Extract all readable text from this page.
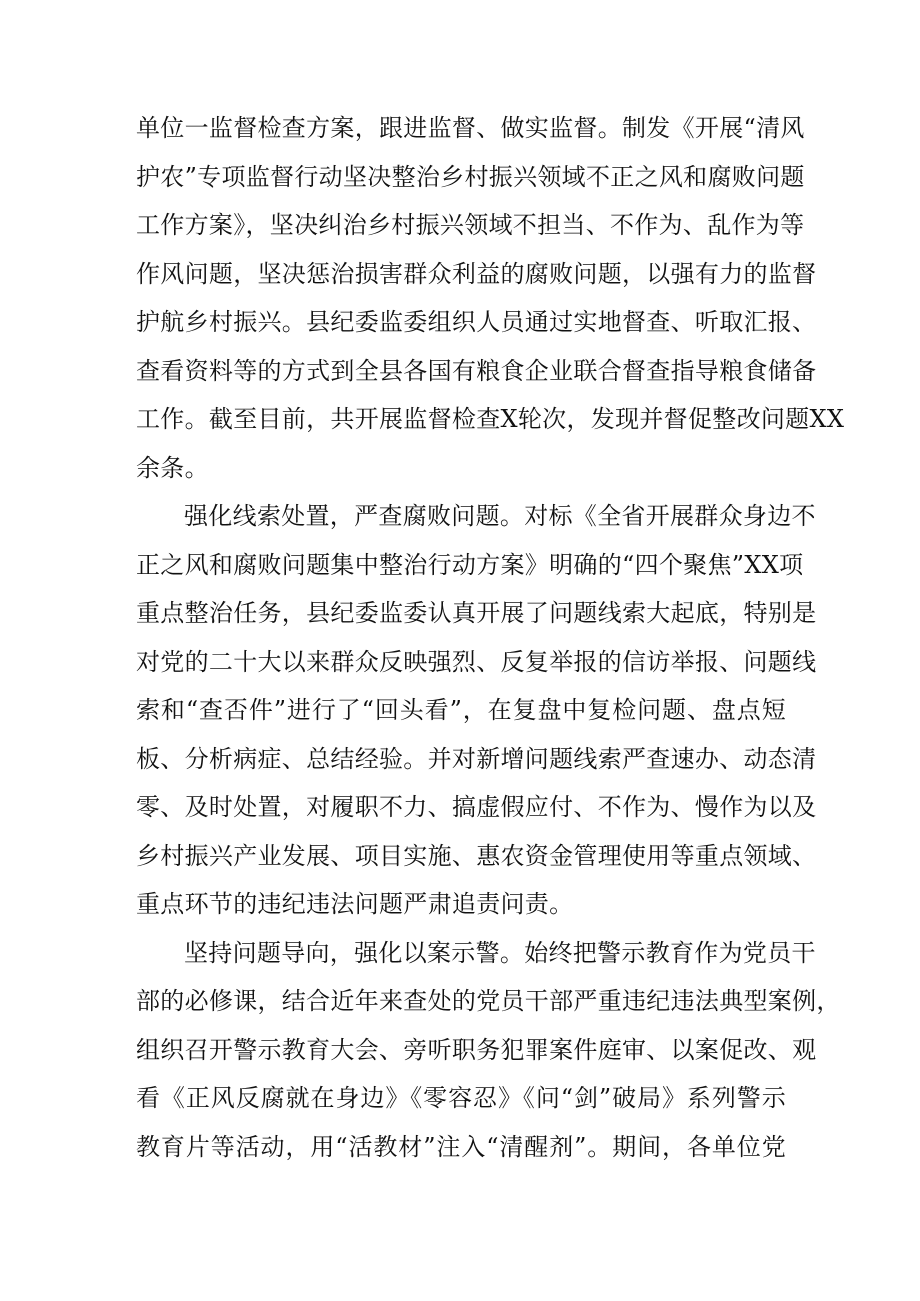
单位一监督检查方案，跟进监督、做实监督。制发《开展“清风
护农”专项监督行动坚决整治乡村振兴领域不正之风和腐败问题
工作方案》，坚决纠治乡村振兴领域不担当、不作为、乱作为等
作风问题，坚决惩治损害群众利益的腐败问题，以强有力的监督
护航乡村振兴。县纪委监委组织人员通过实地督查、听取汇报、
查看资料等的方式到全县各国有粮食企业联合督查指导粮食储备
工作。截至目前，共开展监督检查X轮次，发现并督促整改问题XX
余条。
强化线索处置，严查腐败问题。对标《全省开展群众身边不
正之风和腐败问题集中整治行动方案》明确的“四个聚焦”XX项
重点整治任务，县纪委监委认真开展了问题线索大起底，特别是
对党的二十大以来群众反映强烈、反复举报的信访举报、问题线
索和“查否件”进行了“回头看”，在复盘中复检问题、盘点短
板、分析病症、总结经验。并对新增问题线索严查速办、动态清
零、及时处置，对履职不力、搞虚假应付、不作为、慢作为以及
乡村振兴产业发展、项目实施、惠农资金管理使用等重点领域、
重点环节的违纪违法问题严肃追责问责。
坚持问题导向，强化以案示警。始终把警示教育作为党员干
部的必修课，结合近年来查处的党员干部严重违纪违法典型案例，
组织召开警示教育大会、旁听职务犯罪案件庭审、以案促改、观
看《正风反腐就在身边》《零容忍》《问“剑”破局》系列警示
教育片等活动，用“活教材”注入“清醒剂”。期间，各单位党
